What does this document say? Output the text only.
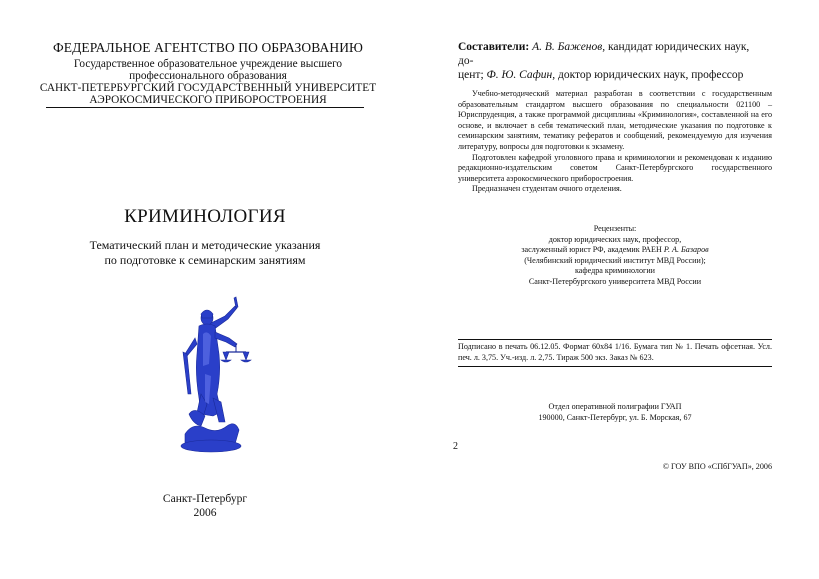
ФЕДЕРАЛЬНОЕ АГЕНТСТВО ПО ОБРАЗОВАНИЮ
Государственное образовательное учреждение высшего
профессионального образования
САНКТ-ПЕТЕРБУРГСКИЙ ГОСУДАРСТВЕННЫЙ УНИВЕРСИТЕТ
АЭРОКОСМИЧЕСКОГО ПРИБОРОСТРОЕНИЯ
КРИМИНОЛОГИЯ
Тематический план и методические указания
по подготовке к семинарским занятиям
Санкт-Петербург
2006
Составители: А. В. Баженов, кандидат юридических наук, до-
цент; Ф. Ю. Сафин, доктор юридических наук, профессор

Учебно-методический материал разработан в соответствии с государственным образовательным стандартом высшего образования по специальности 021100 – Юриспруденция, а также программой дисциплины «Криминология», составленной на его основе, и включает в себя тематический план, методические указания по подготовке к семинарским занятиям, тематику рефератов и сообщений, рекомендуемую для изучения литературу, вопросы для подготовки к экзамену.

Подготовлен кафедрой уголовного права и криминологии и рекомендован к изданию редакционно-издательским советом Санкт-Петербургского государственного университета аэрокосмического приборостроения.

Предназначен студентам очного отделения.

Рецензенты:
доктор юридических наук, профессор,
заслуженный юрист РФ, академик РАЕН Р. А. Базаров
(Челябинский юридический институт МВД России);
кафедра криминологии
Санкт-Петербургского университета МВД России
Подписано в печать 06.12.05. Формат 60х84 1/16. Бумага тип № 1. Печать офсетная. Усл. печ. л. 3,75. Уч.-изд. л. 2,75. Тираж 500 экз. Заказ № 623.
Отдел оперативной полиграфии ГУАП
190000, Санкт-Петербург, ул. Б. Морская, 67
© ГОУ ВПО «СПбГУАП», 2006
2
